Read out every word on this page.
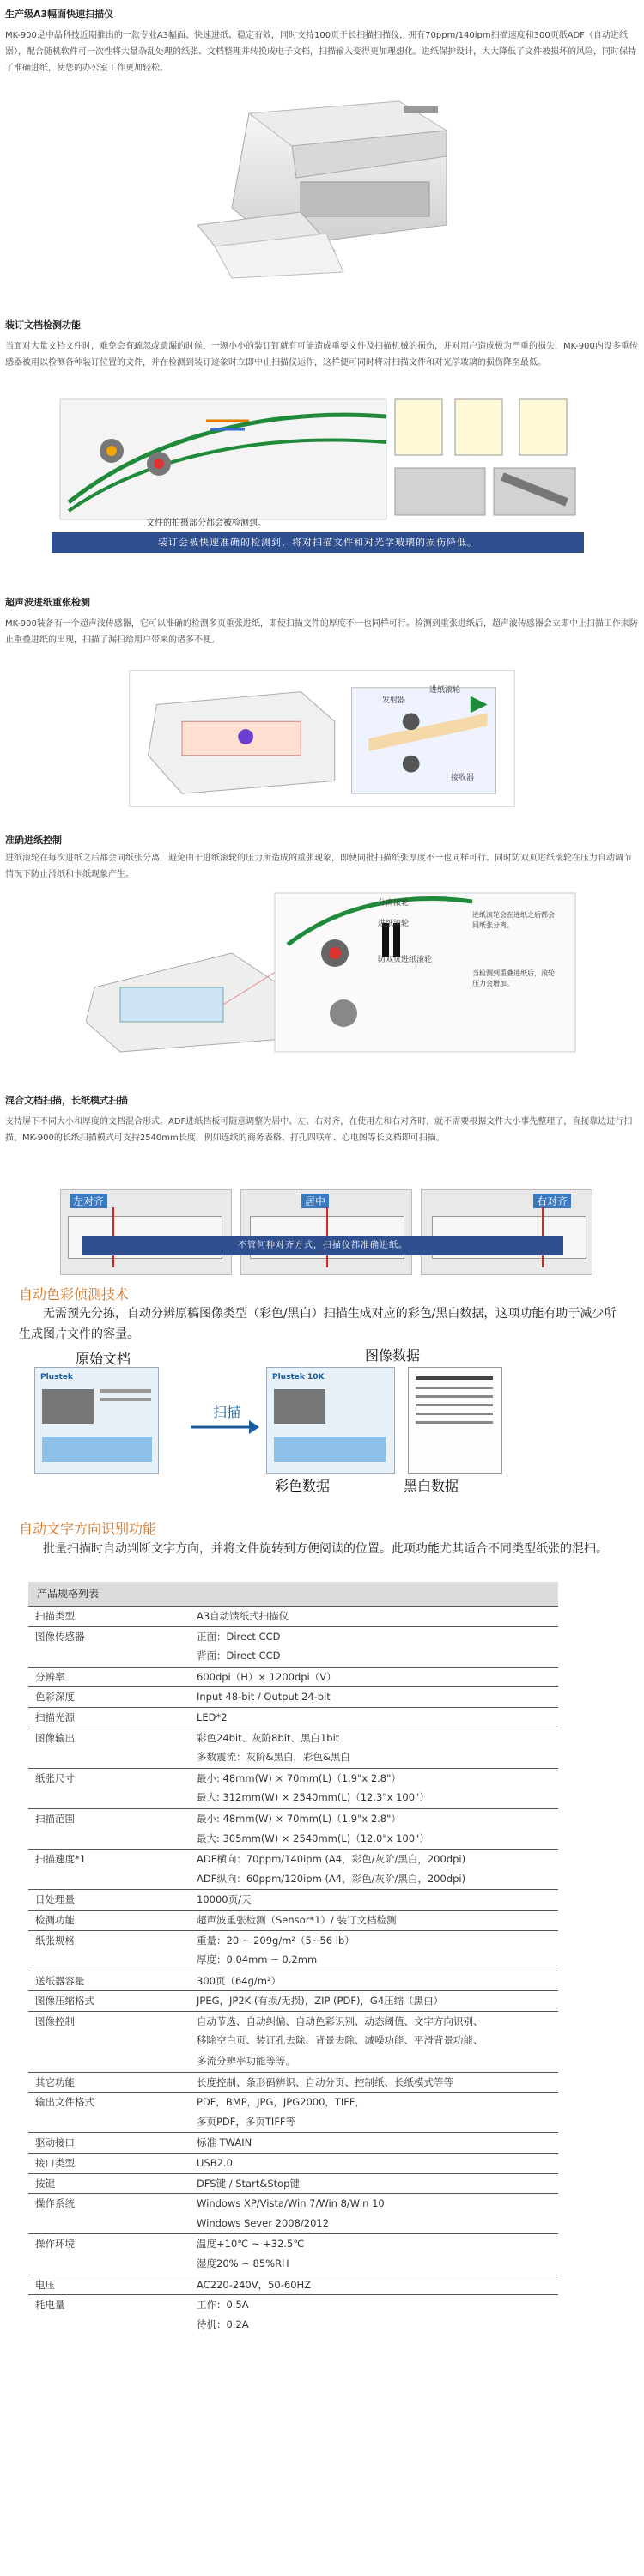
生产级A3幅面快速扫描仪
MK-900是中晶科技近期推出的一款专业A3幅面、快速进纸、稳定有效，同时支持100页于长扫描扫描仪，拥有70ppm/140ipm扫描速度和300页纸ADF（自动进纸器），配合随机软件可一次性将大量杂乱处理的纸张、文档整理并转换成电子文档，扫描输入变得更加理想化。进纸保护设计，大大降低了文件被损坏的风险，同时保持了准确进纸，使您的办公室工作更加轻松。
装订文档检测功能
当面对大量文档文件时，难免会有疏忽或遗漏的时候，一颗小小的装订钉就有可能造成重要文件及扫描机械的损伤，并对用户造成极为严重的损失，MK-900内设多重传感器被用以检测各种装订位置的文件，并在检测到装订迹象时立即中止扫描仪运作，这样便可同时将对扫描文件和对光学玻璃的损伤降至最低。
文件的拍摄部分都会被检测到。	表面光学玻璃
装订会被快速准确的检测到，将对扫描文件和对光学玻璃的损伤降低。
超声波进纸重张检测
MK-900装备有一个超声波传感器，它可以准确的检测多页重张进纸，即使扫描文件的厚度不一也同样可行。检测到重张进纸后，超声波传感器会立即中止扫描工作来防止重叠进纸的出现，扫描了漏扫给用户带来的诸多不便。
发射器
进纸滚轮
接收器
准确进纸控制
进纸滚轮在每次进纸之后都会同纸张分离，避免由于进纸滚轮的压力所造成的重张现象，即使同批扫描纸张厚度不一也同样可行。同时防双页进纸滚轮在压力自动调节情况下防止滑纸和卡纸现象产生。
分离滚轮
进纸滚轮
进纸滚轮会在进纸之后都会同纸张分离。
防双页进纸滚轮
当检测到重叠进纸后，滚轮压力会增加。
混合文档扫描，长纸模式扫描
支持屏下不同大小和厚度的文档混合形式。ADF进纸挡板可随意调整为居中、左、右对齐，在使用左和右对齐时，就不需要根据文件大小事先整理了，直接靠边进行扫描。MK-900的长纸扫描模式可支持2540mm长度，例如连续的商务表格、打孔四联单、心电图等长文档即可扫描。
左对齐	居中	右对齐
不管何种对齐方式，扫描仪都准确进纸。
自动色彩侦测技术
无需预先分拣，自动分辨原稿图像类型（彩色/黑白）扫描生成对应的彩色/黑白数据，这项功能有助于减少所生成图片文件的容量。
原始文档	图像数据
Plustek
扫描
Plustek 10K
彩色数据	黑白数据
自动文字方向识别功能
批量扫描时自动判断文字方向，并将文件旋转到方便阅读的位置。此项功能尤其适合不同类型纸张的混扫。
产品规格列表
扫描类型	A3自动馈纸式扫描仪
图像传感器	正面：Direct CCD
背面：Direct CCD
分辨率	600dpi（H）× 1200dpi（V）
色彩深度	Input 48-bit / Output 24-bit
扫描光源	LED*2
图像输出	彩色24bit、灰阶8bit、黑白1bit
多数震流：灰阶&黑白，彩色&黑白
纸张尺寸	最小: 48mm(W) × 70mm(L)（1.9"x 2.8"）
最大: 312mm(W) × 2540mm(L)（12.3"x 100"）
扫描范围	最小: 48mm(W) × 70mm(L)（1.9"x 2.8"）
最大: 305mm(W) × 2540mm(L)（12.0"x 100"）
扫描速度*1	ADF横向：70ppm/140ipm (A4，彩色/灰阶/黑白，200dpi)
ADF纵向：60ppm/120ipm (A4，彩色/灰阶/黑白，200dpi)
日处理量	10000页/天
检测功能	超声波重张检测（Sensor*1）/ 装订文档检测
纸张规格	重量：20 ~ 209g/m²（5~56 lb）
厚度：0.04mm ~ 0.2mm
送纸器容量	300页（64g/m²）
图像压缩格式	JPEG，JP2K (有损/无损)，ZIP (PDF)，G4压缩（黑白）
图像控制	自动节选、自动纠偏、自动色彩识别、动态阈值、文字方向识别、
移除空白页、装订孔去除、背景去除、减噪功能、平滑背景功能、
多流分辨率功能等等。
其它功能	长度控制、条形码辨识、自动分页、控制纸、长纸模式等等
输出文件格式	PDF，BMP，JPG，JPG2000，TIFF，
多页PDF，多页TIFF等
驱动接口	标准 TWAIN
接口类型	USB2.0
按键	DFS键 / Start&Stop键
操作系统	Windows XP/Vista/Win 7/Win 8/Win 10
Windows Sever 2008/2012
操作环境	温度+10℃ ~ +32.5℃
湿度20% ~ 85%RH
电压	AC220-240V，50-60HZ
耗电量	工作：0.5A
待机：0.2A
